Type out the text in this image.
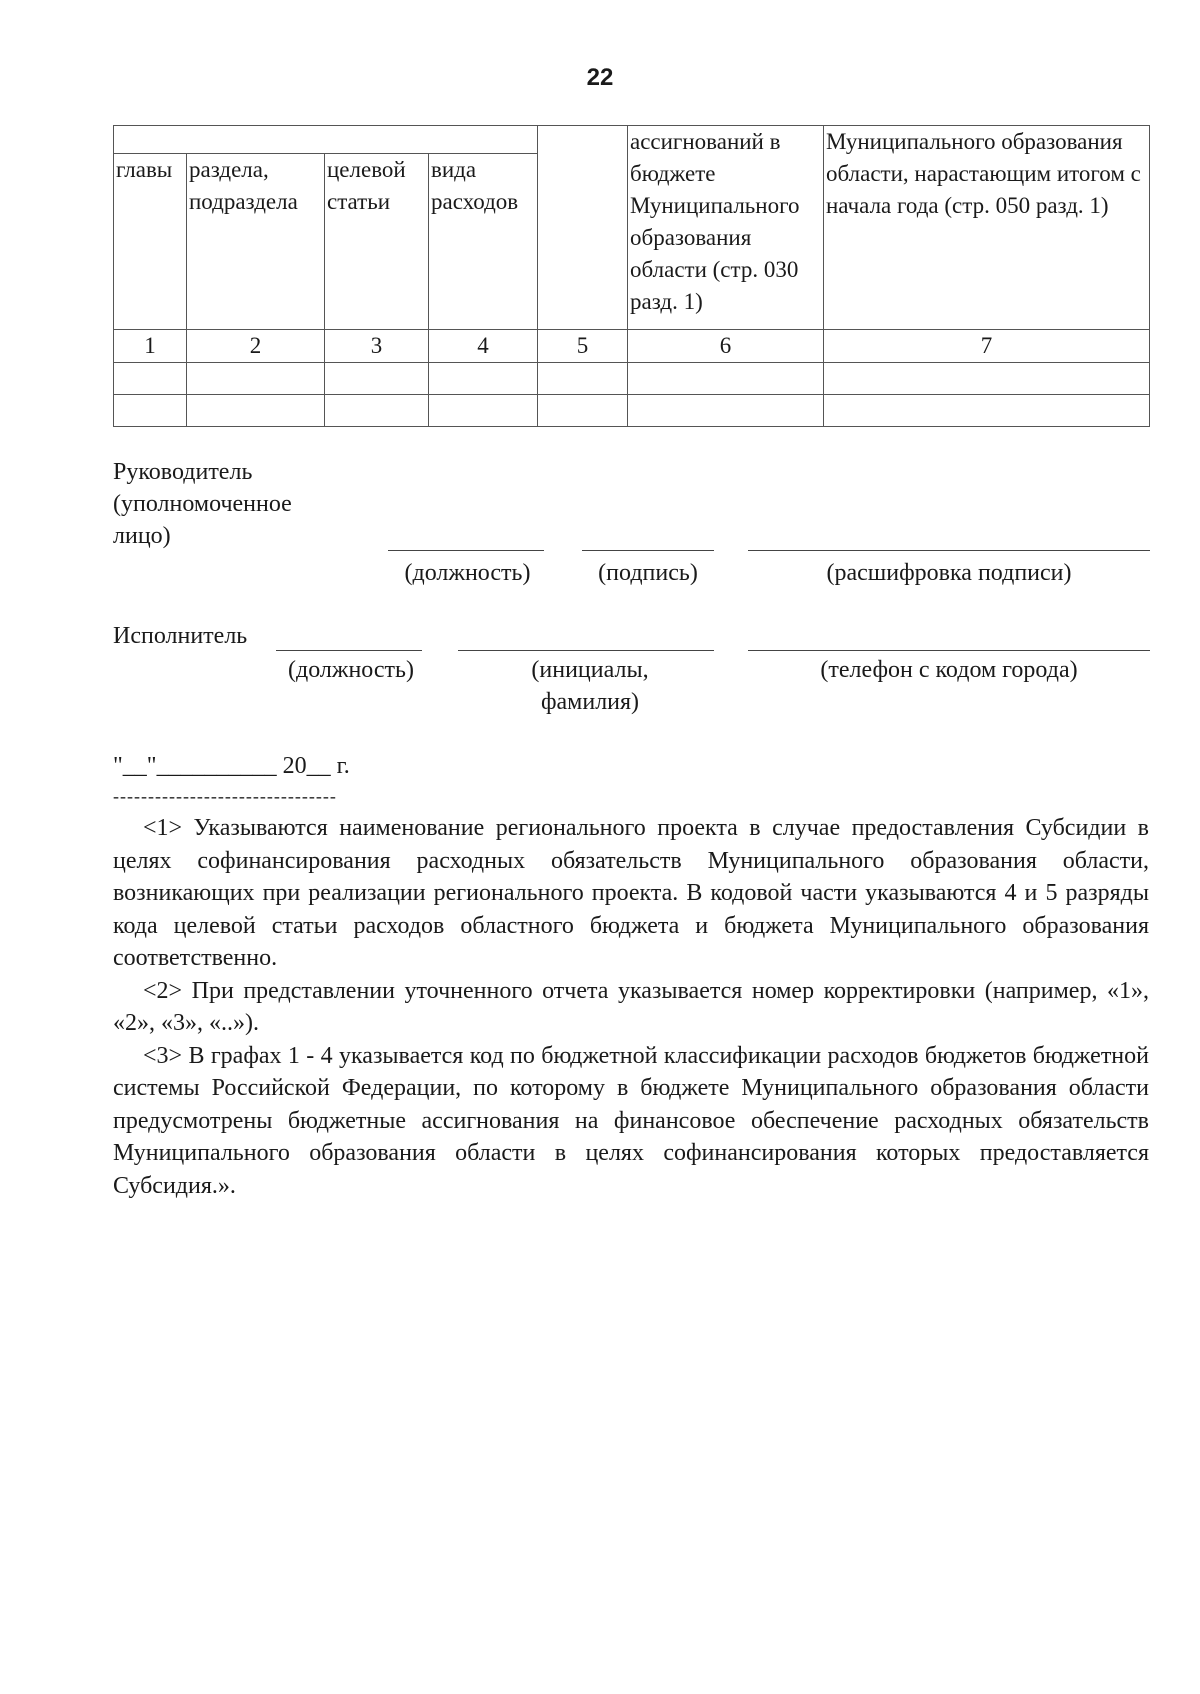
22
					ассигнований в бюджете Муниципального образования области (стр. 030 разд. 1)	Муниципального образования области, нарастающим итогом с начала года (стр. 050 разд. 1)
главы	раздела, подраздела	целевой статьи	вида расходов			
1	2	3	4	5	6	7

Руководитель (уполномоченное лицо)
(должность)	(подпись)	(расшифровка подписи)
Исполнитель
(должность)	(инициалы, фамилия)
(телефон с кодом города)
"__"__________ 20__ г.
--------------------------------

<1> Указываются наименование регионального проекта в случае предоставления Субсидии в целях софинансирования расходных обязательств Муниципального образования области, возникающих при реализации регионального проекта. В кодовой части указываются 4 и 5 разряды кода целевой статьи расходов областного бюджета и бюджета Муниципального образования соответственно.

<2> При представлении уточненного отчета указывается номер корректировки (например, «1», «2», «3», «..»).

<3> В графах 1 - 4 указывается код по бюджетной классификации расходов бюджетов бюджетной системы Российской Федерации, по которому в бюджете Муниципального образования области предусмотрены бюджетные ассигнования на финансовое обеспечение расходных обязательств Муниципального образования области в целях софинансирования которых предоставляется Субсидия.».
